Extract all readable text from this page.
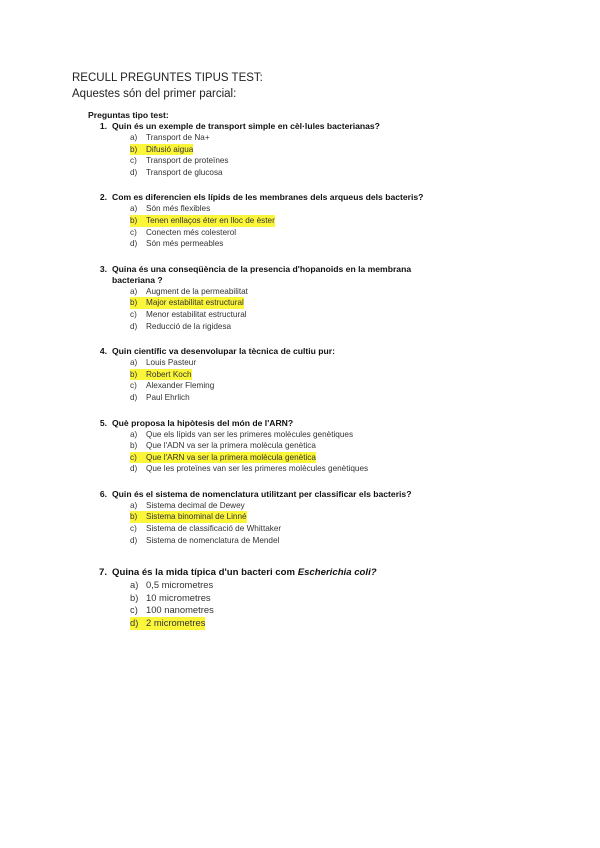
RECULL PREGUNTES TIPUS TEST:
Aquestes són del primer parcial:
Preguntas tipo test:
1. Quin és un exemple de transport simple en cèl·lules bacterianas?
a)	Transport de Na+
b)	Difusió aigua
c)	Transport de proteïnes
d)	Transport de glucosa
2. Com es diferencien els lípids de les membranes dels arqueus dels bacteris?
a)	Són més flexibles
b)	Tenen enllaços éter en lloc de èster
c)	Conecten més colesterol
d)	Són més permeables
3. Quina és una conseqüència de la presencia d'hopanoids en la membrana bacteriana ?
a)	Augment de la permeabilitat
b)	Major estabilitat estructural
c)	Menor estabilitat estructural
d)	Reducció de la rigidesa
4. Quin científic va desenvolupar la tècnica de cultiu pur:
a)	Louis Pasteur
b)	Robert Koch
c)	Alexander Fleming
d)	Paul Ehrlich
5. Què proposa la hipòtesis del món de l'ARN?
a)	Que els lípids van ser les primeres molècules genètiques
b)	Que l'ADN va ser la primera molècula genètica
c)	Que l'ARN va ser la primera molècula genètica
d)	Que les proteïnes van ser les primeres molècules genètiques
6. Quin és el sistema de nomenclatura utilitzant per classificar els bacteris?
a)	Sistema decimal de Dewey
b)	Sistema binominal de Linné
c)	Sistema de classificació de Whittaker
d)	Sistema de nomenclatura de Mendel
7. Quina és la mida típica d'un bacteri com Escherichia coli?
a) 0,5 micrometres
b) 10 micrometres
c) 100 nanometres
d) 2 micrometres
